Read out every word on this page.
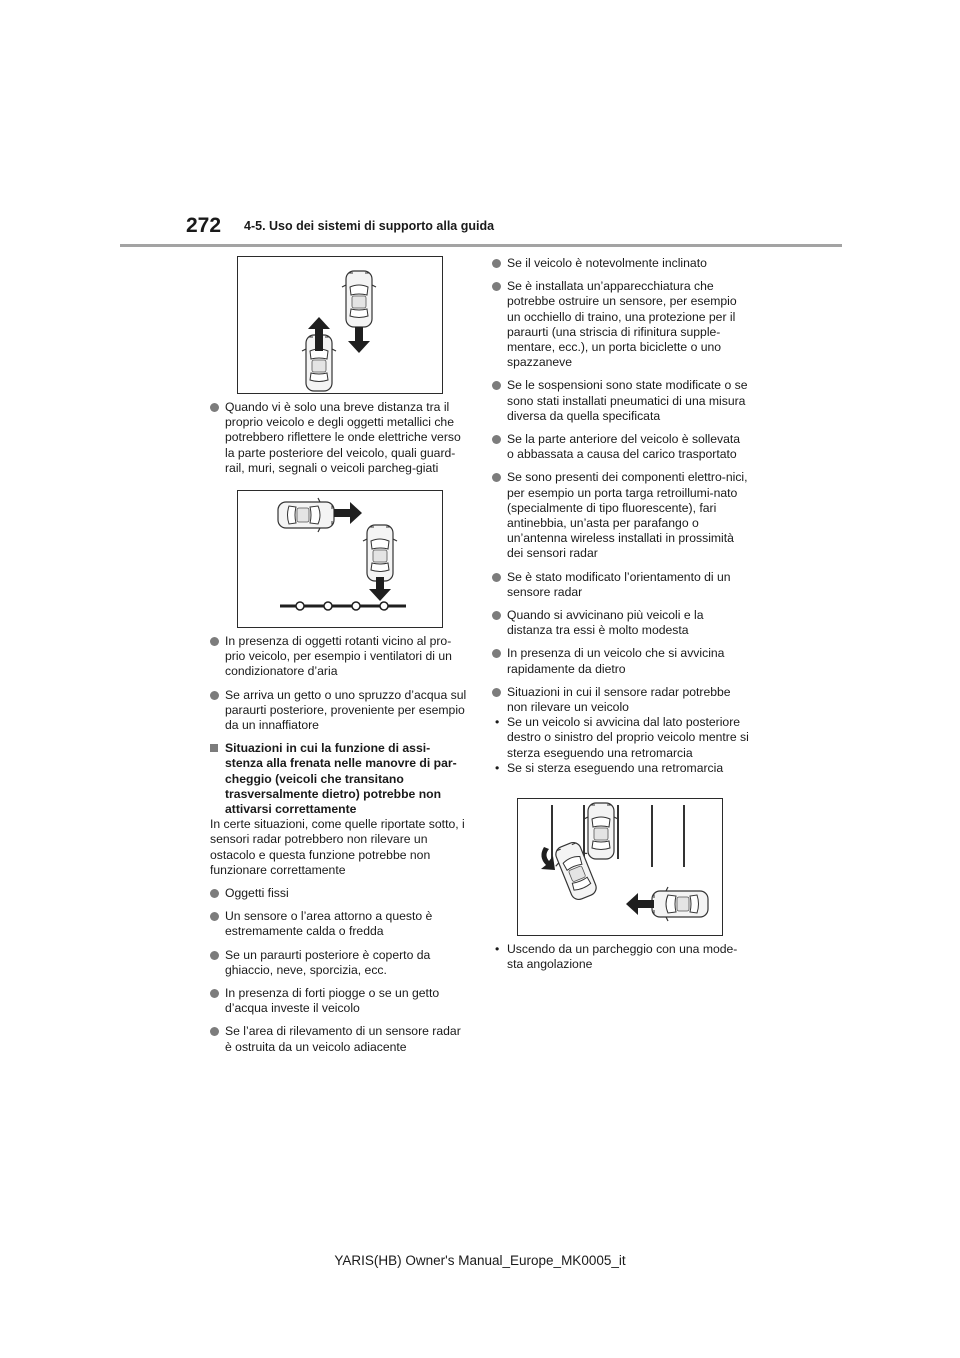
272 4-5. Uso dei sistemi di supporto alla guida
Quando vi è solo una breve distanza tra il proprio veicolo e degli oggetti metallici che potrebbero riflettere le onde elettriche verso la parte posteriore del veicolo, quali guard-rail, muri, segnali o veicoli parcheg-giati
In presenza di oggetti rotanti vicino al pro-prio veicolo, per esempio i ventilatori di un condizionatore d’aria
Se arriva un getto o uno spruzzo d’acqua sul paraurti posteriore, proveniente per esempio da un innaffiatore
Situazioni in cui la funzione di assi-stenza alla frenata nelle manovre di par-cheggio (veicoli che transitano trasversalmente dietro) potrebbe non attivarsi correttamente

In certe situazioni, come quelle riportate sotto, i sensori radar potrebbero non rilevare un ostacolo e questa funzione potrebbe non funzionare correttamente

Oggetti fissi
Un sensore o l’area attorno a questo è estremamente calda o fredda
Se un paraurti posteriore è coperto da ghiaccio, neve, sporcizia, ecc.
In presenza di forti piogge o se un getto d’acqua investe il veicolo
Se l’area di rilevamento di un sensore radar è ostruita da un veicolo adiacente
Se il veicolo è notevolmente inclinato
Se è installata un’apparecchiatura che potrebbe ostruire un sensore, per esempio un occhiello di traino, una protezione per il paraurti (una striscia di rifinitura supple-mentare, ecc.), un porta biciclette o uno spazzaneve
Se le sospensioni sono state modificate o se sono stati installati pneumatici di una misura diversa da quella specificata
Se la parte anteriore del veicolo è sollevata o abbassata a causa del carico trasportato
Se sono presenti dei componenti elettro-nici, per esempio un porta targa retroillumi-nato (specialmente di tipo fluorescente), fari antinebbia, un’asta per parafango o un’antenna wireless installati in prossimità dei sensori radar
Se è stato modificato l’orientamento di un sensore radar
Quando si avvicinano più veicoli e la distanza tra essi è molto modesta
In presenza di un veicolo che si avvicina rapidamente da dietro
Situazioni in cui il sensore radar potrebbe non rilevare un veicolo

• Se un veicolo si avvicina dal lato posteriore destro o sinistro del proprio veicolo mentre si sterza eseguendo una retromarcia

• Se si sterza eseguendo una retromarcia

• Uscendo da un parcheggio con una mode-sta angolazione

YARIS(HB) Owner's Manual_Europe_MK0005_it
